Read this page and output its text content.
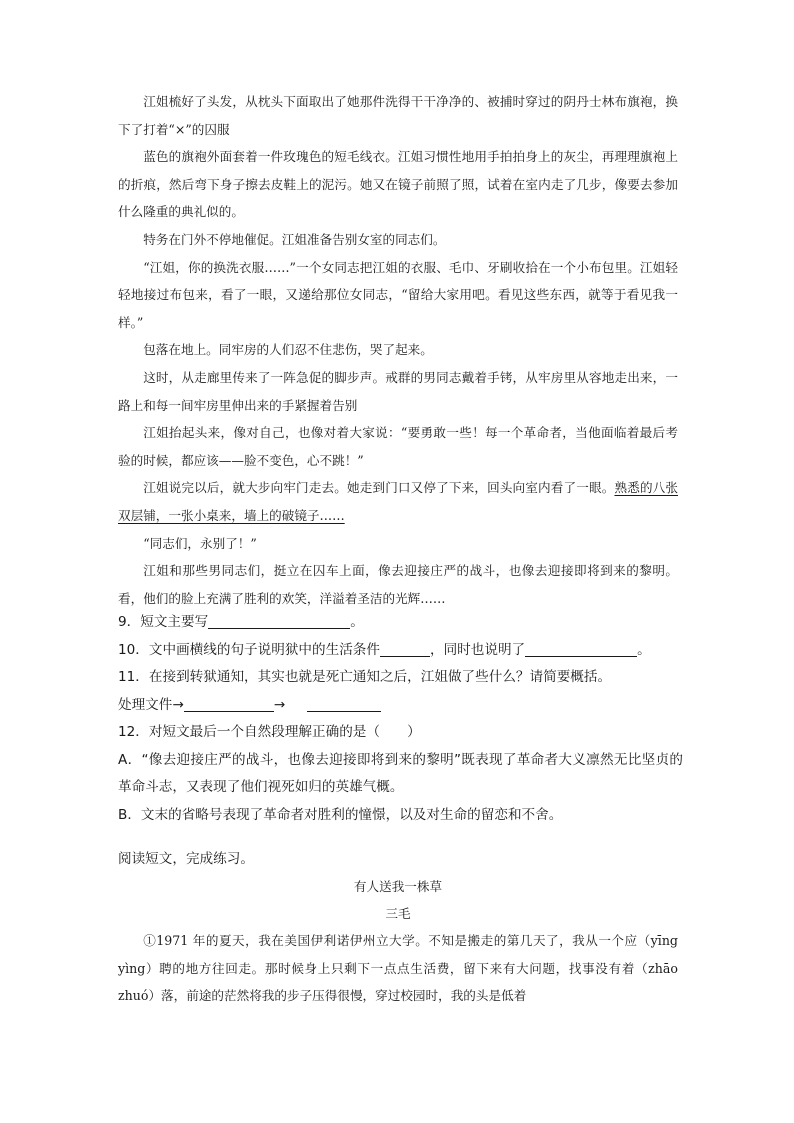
江姐梳好了头发，从枕头下面取出了她那件洗得干干净净的、被捕时穿过的阴丹士林布旗袍，换下了打着“×”的囚服

蓝色的旗袍外面套着一件玫瑰色的短毛线衣。江姐习惯性地用手拍拍身上的灰尘，再理理旗袍上的折痕，然后弯下身子擦去皮鞋上的泥污。她又在镜子前照了照，试着在室内走了几步，像要去参加什么隆重的典礼似的。

特务在门外不停地催促。江姐准备告别女室的同志们。

“江姐，你的换洗衣服……”一个女同志把江姐的衣服、毛巾、牙刷收拾在一个小布包里。江姐轻轻地接过布包来，看了一眼，又递给那位女同志，“留给大家用吧。看见这些东西，就等于看见我一样。”

包落在地上。同牢房的人们忍不住悲伤，哭了起来。

这时，从走廊里传来了一阵急促的脚步声。戒群的男同志戴着手铐，从牢房里从容地走出来，一路上和每一间牢房里伸出来的手紧握着告别

江姐抬起头来，像对自己，也像对着大家说：“要勇敢一些！每一个革命者，当他面临着最后考验的时候，都应该——脸不变色，心不跳！”

江姐说完以后，就大步向牢门走去。她走到门口又停了下来，回头向室内看了一眼。熟悉的八张双层铺，一张小桌来，墙上的破镜子……

“同志们，永别了！”

江姐和那些男同志们，挺立在囚车上面，像去迎接庄严的战斗，也像去迎接即将到来的黎明。看，他们的脸上充满了胜利的欢笑，洋溢着圣洁的光辉……

9．短文主要写	。

10．文中画横线的句子说明狱中的生活条件	，同时也说明了	。

11．在接到转狱通知，其实也就是死亡通知之后，江姐做了些什么？请简要概括。

处理文件→	→

12．对短文最后一个自然段理解正确的是（　　）

A．“像去迎接庄严的战斗，也像去迎接即将到来的黎明”既表现了革命者大义凛然无比坚贞的革命斗志，又表现了他们视死如归的英雄气概。

B．文末的省略号表现了革命者对胜利的憧憬，以及对生命的留恋和不舍。

阅读短文，完成练习。

有人送我一株草

三毛

①1971 年的夏天，我在美国伊利诺伊州立大学。不知是搬走的第几天了，我从一个应（yīng　yìng）聘的地方往回走。那时候身上只剩下一点点生活费，留下来有大问题，找事没有着（zhāo　zhuó）落，前途的茫然将我的步子压得很慢，穿过校园时，我的头是低着
